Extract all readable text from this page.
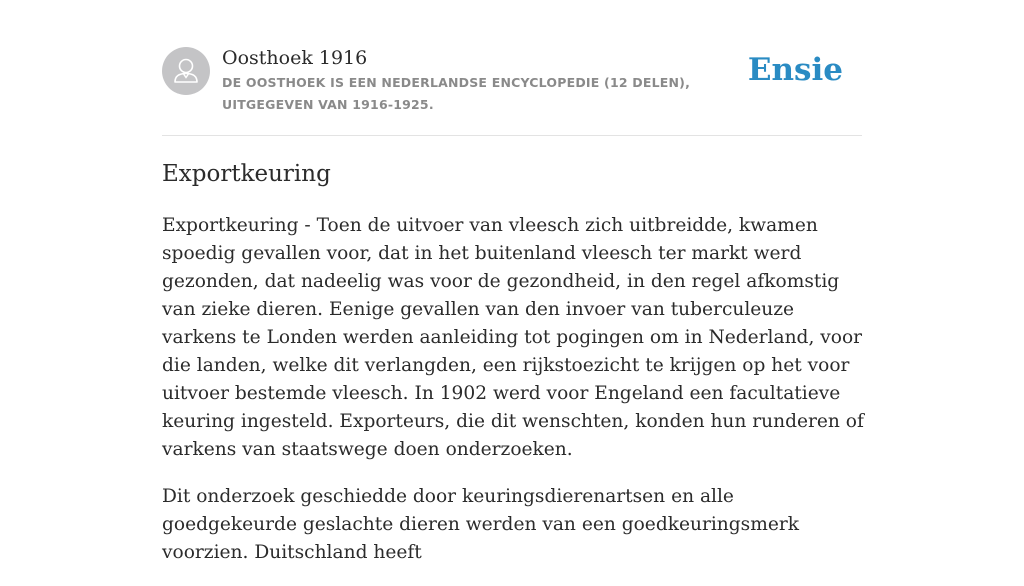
Oosthoek 1916
DE OOSTHOEK IS EEN NEDERLANDSE ENCYCLOPEDIE (12 DELEN), UITGEGEVEN VAN 1916-1925.
Ensie
Exportkeuring

Exportkeuring - Toen de uitvoer van vleesch zich uitbreidde, kwamen spoedig gevallen voor, dat in het buitenland vleesch ter markt werd gezonden, dat nadeelig was voor de gezondheid, in den regel afkomstig van zieke dieren. Eenige gevallen van den invoer van tuberculeuze varkens te Londen werden aanleiding tot pogingen om in Nederland, voor die landen, welke dit verlangden, een rijkstoezicht te krijgen op het voor uitvoer bestemde vleesch. In 1902 werd voor Engeland een facultatieve keuring ingesteld. Exporteurs, die dit wenschten, konden hun runderen of varkens van staatswege doen onderzoeken.

Dit onderzoek geschiedde door keuringsdierenartsen en alle goedgekeurde geslachte dieren werden van een goedkeuringsmerk voorzien. Duitschland heeft
